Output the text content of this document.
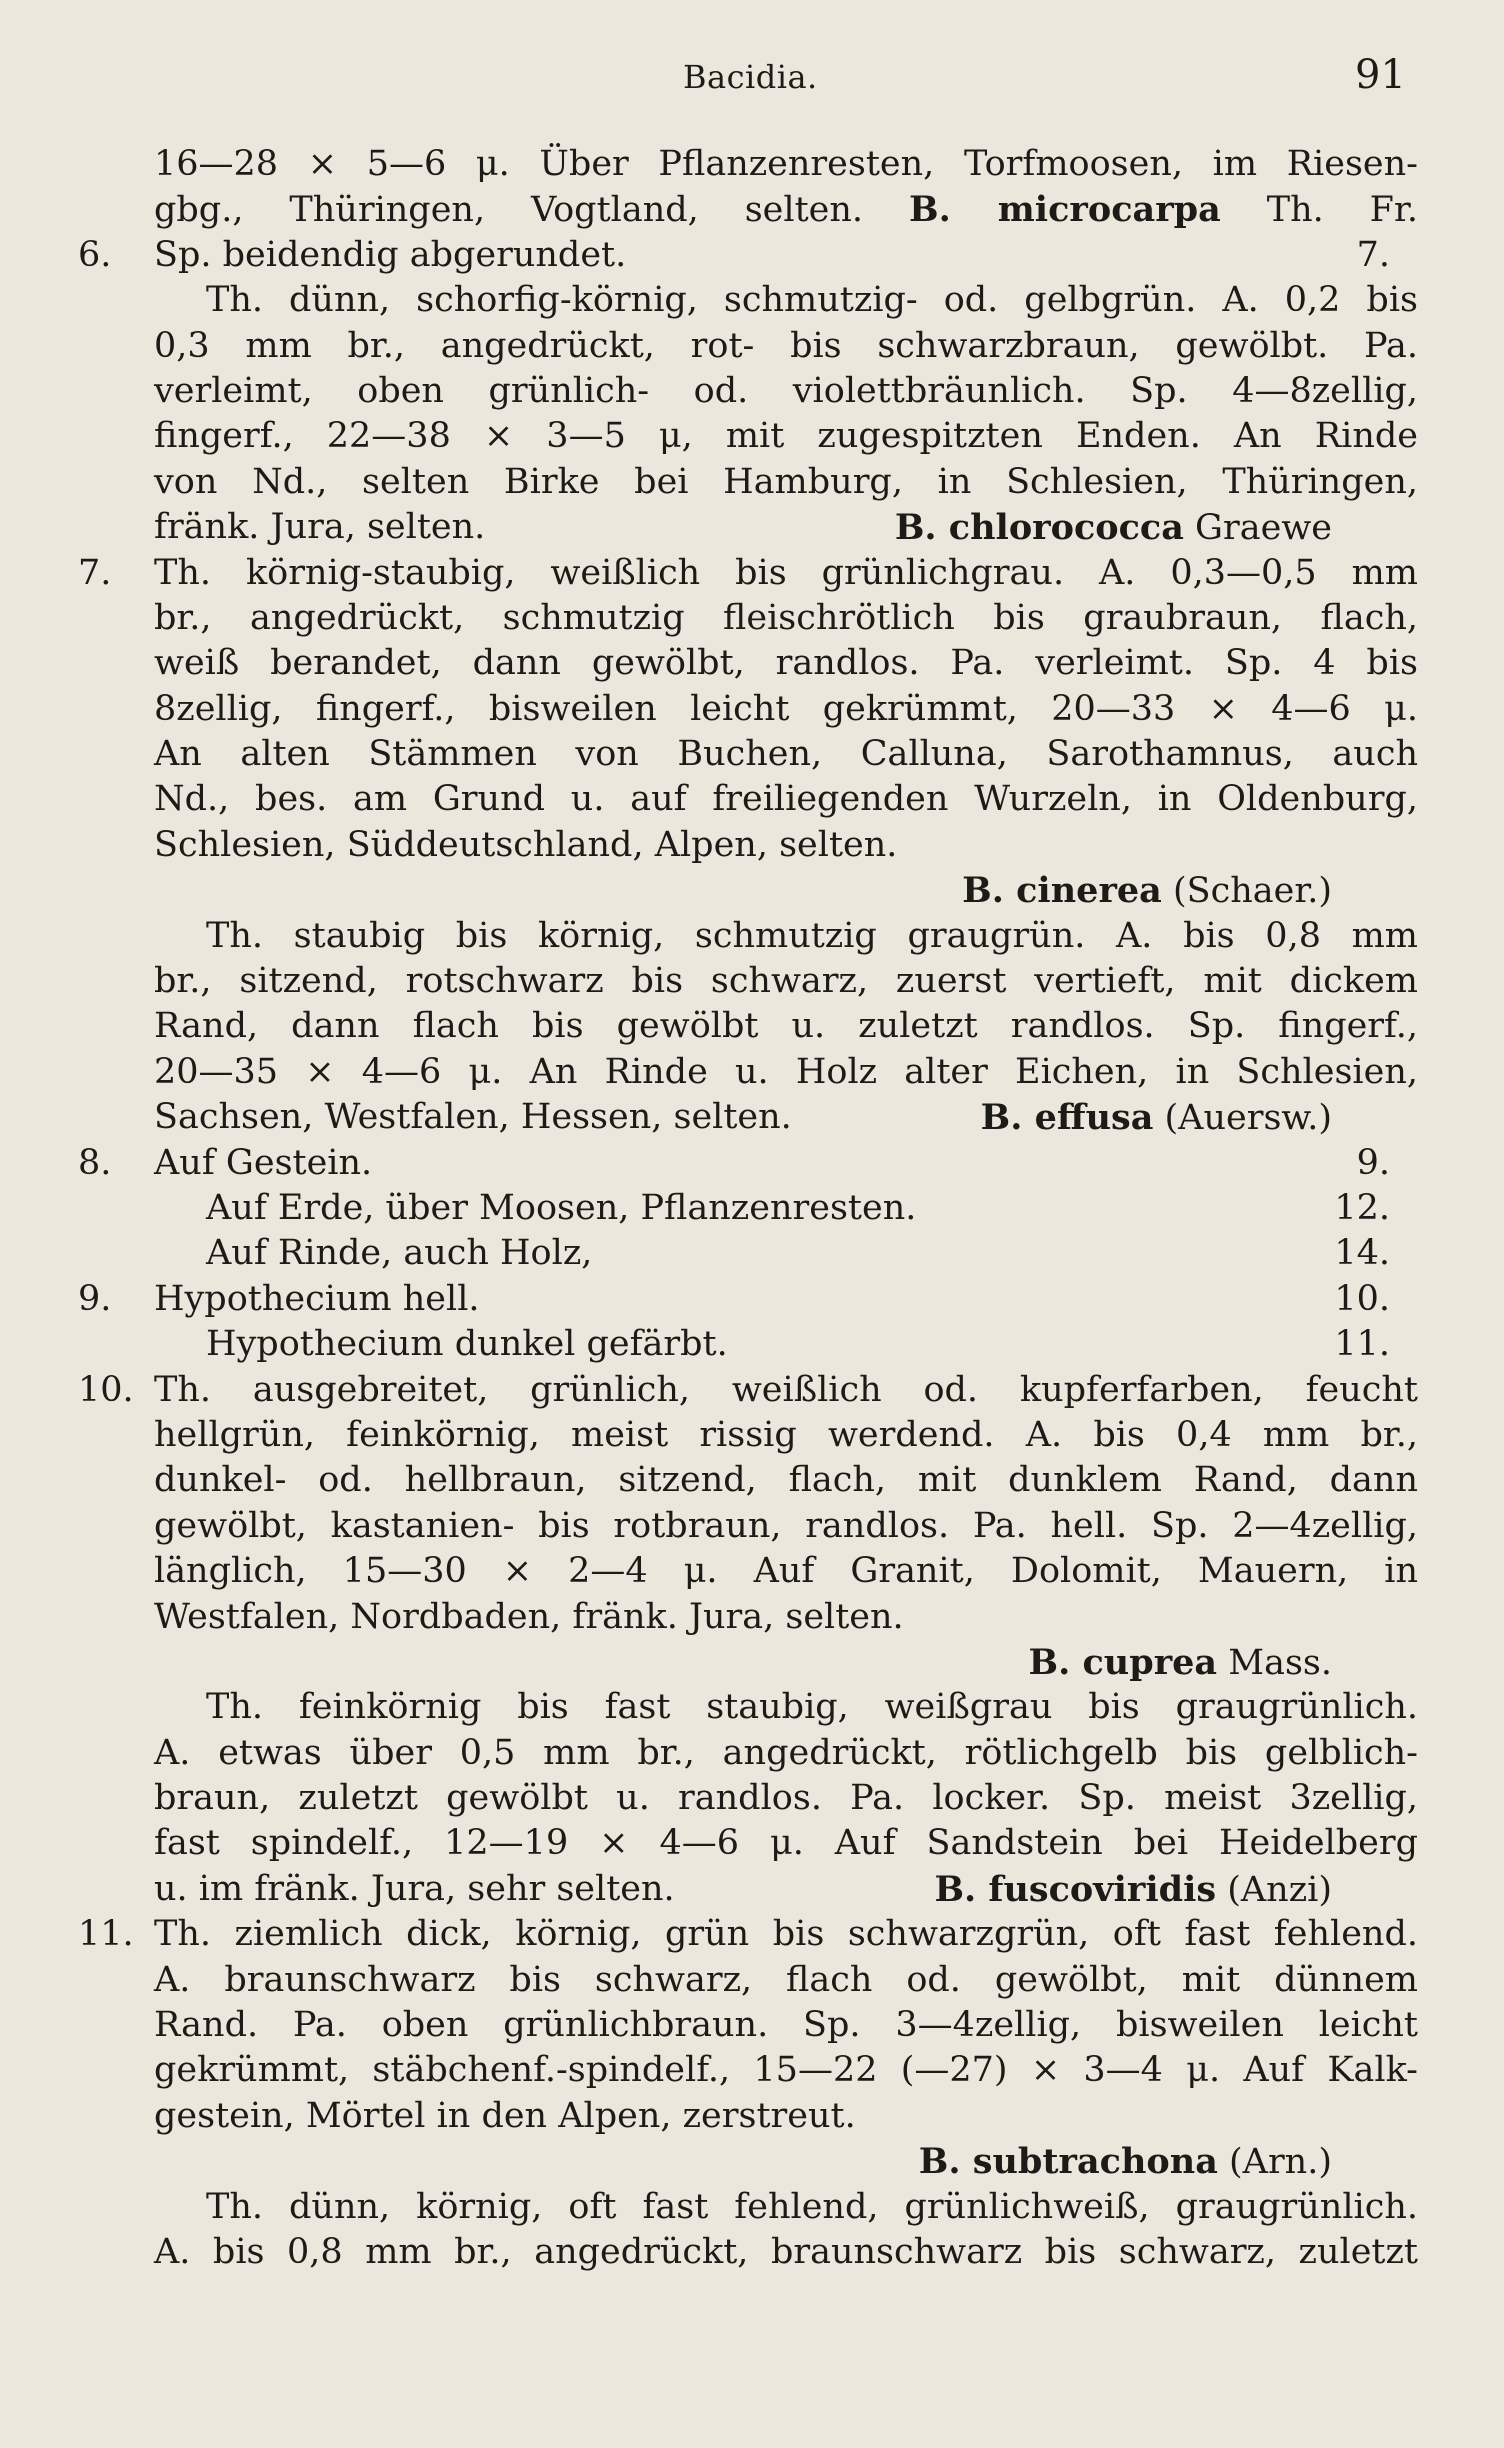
Bacidia.	91
16—28 × 5—6 μ. Über Pflanzenresten, Torfmoosen, im Riesen-
gbg., Thüringen, Vogtland, selten. B. microcarpa Th. Fr.
6. Sp. beidendig abgerundet.	7.
Th. dünn, schorfig-körnig, schmutzig- od. gelbgrün. A. 0,2 bis
0,3 mm br., angedrückt, rot- bis schwarzbraun, gewölbt. Pa.
verleimt, oben grünlich- od. violettbräunlich. Sp. 4—8zellig,
fingerf., 22—38 × 3—5 μ, mit zugespitzten Enden. An Rinde
von Nd., selten Birke bei Hamburg, in Schlesien, Thüringen,
fränk. Jura, selten.	B. chlorococca Graewe
7. Th. körnig-staubig, weißlich bis grünlichgrau. A. 0,3—0,5 mm
br., angedrückt, schmutzig fleischrötlich bis graubraun, flach,
weiß berandet, dann gewölbt, randlos. Pa. verleimt. Sp. 4 bis
8zellig, fingerf., bisweilen leicht gekrümmt, 20—33 × 4—6 μ.
An alten Stämmen von Buchen, Calluna, Sarothamnus, auch
Nd., bes. am Grund u. auf freiliegenden Wurzeln, in Oldenburg,
Schlesien, Süddeutschland, Alpen, selten.
B. cinerea (Schaer.)
Th. staubig bis körnig, schmutzig graugrün. A. bis 0,8 mm
br., sitzend, rotschwarz bis schwarz, zuerst vertieft, mit dickem
Rand, dann flach bis gewölbt u. zuletzt randlos. Sp. fingerf.,
20—35 × 4—6 μ. An Rinde u. Holz alter Eichen, in Schlesien,
Sachsen, Westfalen, Hessen, selten.	B. effusa (Auersw.)
8. Auf Gestein.	9.
Auf Erde, über Moosen, Pflanzenresten.	12.
Auf Rinde, auch Holz,	14.
9. Hypothecium hell.	10.
Hypothecium dunkel gefärbt.	11.
10. Th. ausgebreitet, grünlich, weißlich od. kupferfarben, feucht
hellgrün, feinkörnig, meist rissig werdend. A. bis 0,4 mm br.,
dunkel- od. hellbraun, sitzend, flach, mit dunklem Rand, dann
gewölbt, kastanien- bis rotbraun, randlos. Pa. hell. Sp. 2—4zellig,
länglich, 15—30 × 2—4 μ. Auf Granit, Dolomit, Mauern, in
Westfalen, Nordbaden, fränk. Jura, selten.
B. cuprea Mass.
Th. feinkörnig bis fast staubig, weißgrau bis graugrünlich.
A. etwas über 0,5 mm br., angedrückt, rötlichgelb bis gelblich-
braun, zuletzt gewölbt u. randlos. Pa. locker. Sp. meist 3zellig,
fast spindelf., 12—19 × 4—6 μ. Auf Sandstein bei Heidelberg
u. im fränk. Jura, sehr selten.	B. fuscoviridis (Anzi)
11. Th. ziemlich dick, körnig, grün bis schwarzgrün, oft fast fehlend.
A. braunschwarz bis schwarz, flach od. gewölbt, mit dünnem
Rand. Pa. oben grünlichbraun. Sp. 3—4zellig, bisweilen leicht
gekrümmt, stäbchenf.-spindelf., 15—22 (—27) × 3—4 μ. Auf Kalk-
gestein, Mörtel in den Alpen, zerstreut.
B. subtrachona (Arn.)
Th. dünn, körnig, oft fast fehlend, grünlichweiß, graugrünlich.
A. bis 0,8 mm br., angedrückt, braunschwarz bis schwarz, zuletzt
